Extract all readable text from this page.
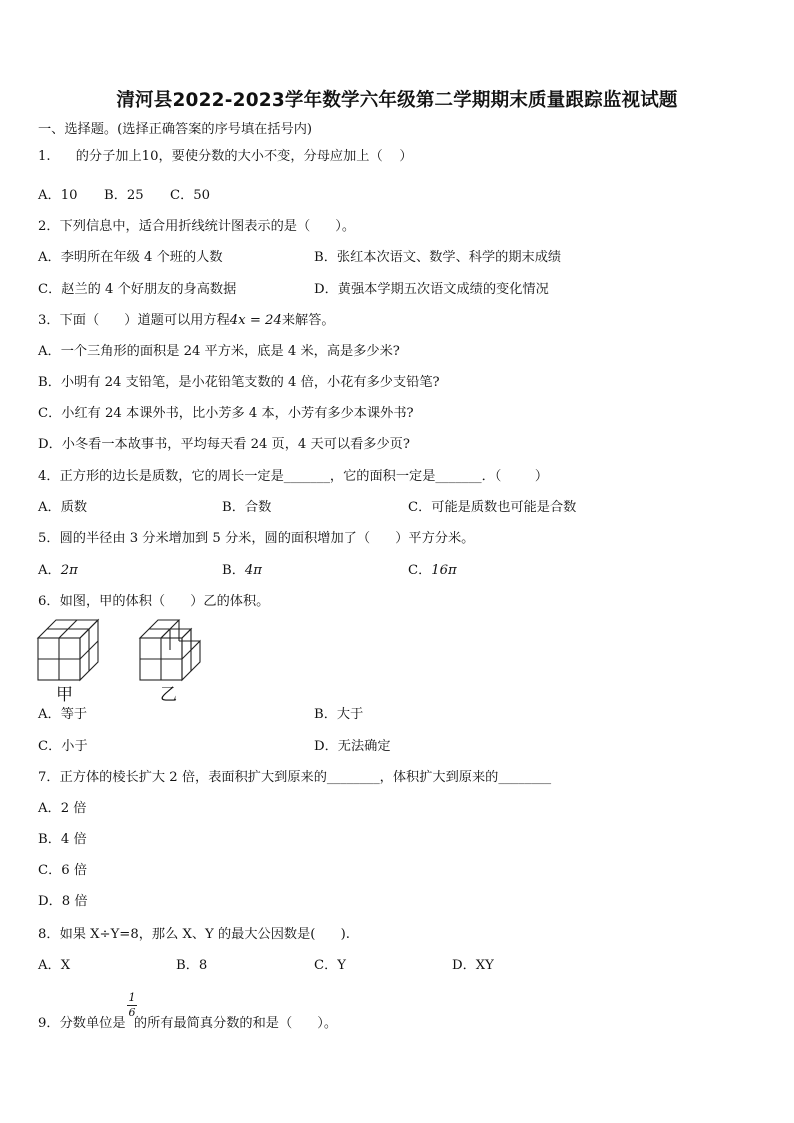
清河县2022-2023学年数学六年级第二学期期末质量跟踪监视试题
一、选择题。(选择正确答案的序号填在括号内)
1. 的分子加上10，要使分数的大小不变，分母应加上（    ）
A．10 B．25 C．50
2．下列信息中，适合用折线统计图表示的是（      ）。
A．李明所在年级 4 个班的人数	B．张红本次语文、数学、科学的期末成绩
C．赵兰的 4 个好朋友的身高数据	D．黄强本学期五次语文成绩的变化情况
3．下面（      ）道题可以用方程4x = 24来解答。
A．一个三角形的面积是 24 平方米，底是 4 米，高是多少米?
B．小明有 24 支铅笔，是小花铅笔支数的 4 倍，小花有多少支铅笔?
C．小红有 24 本课外书，比小芳多 4 本，小芳有多少本课外书?
D．小冬看一本故事书，平均每天看 24 页，4 天可以看多少页?
4．正方形的边长是质数，它的周长一定是_______，它的面积一定是_______．（        ）
A．质数	B．合数	C．可能是质数也可能是合数
5．圆的半径由 3 分米增加到 5 分米，圆的面积增加了（      ）平方分米。
A．2π	B．4π	C．16π
6．如图，甲的体积（      ）乙的体积。
甲	乙
A．等于	B．大于
C．小于	D．无法确定
7．正方体的棱长扩大 2 倍，表面积扩大到原来的________，体积扩大到原来的________
A．2 倍
B．4 倍
C．6 倍
D．8 倍
8．如果 X÷Y=8，那么 X、Y 的最大公因数是(      ).
A．X	B．8	C．Y	D．XY
1
6
9．分数单位是 的所有最简真分数的和是（      ）。
